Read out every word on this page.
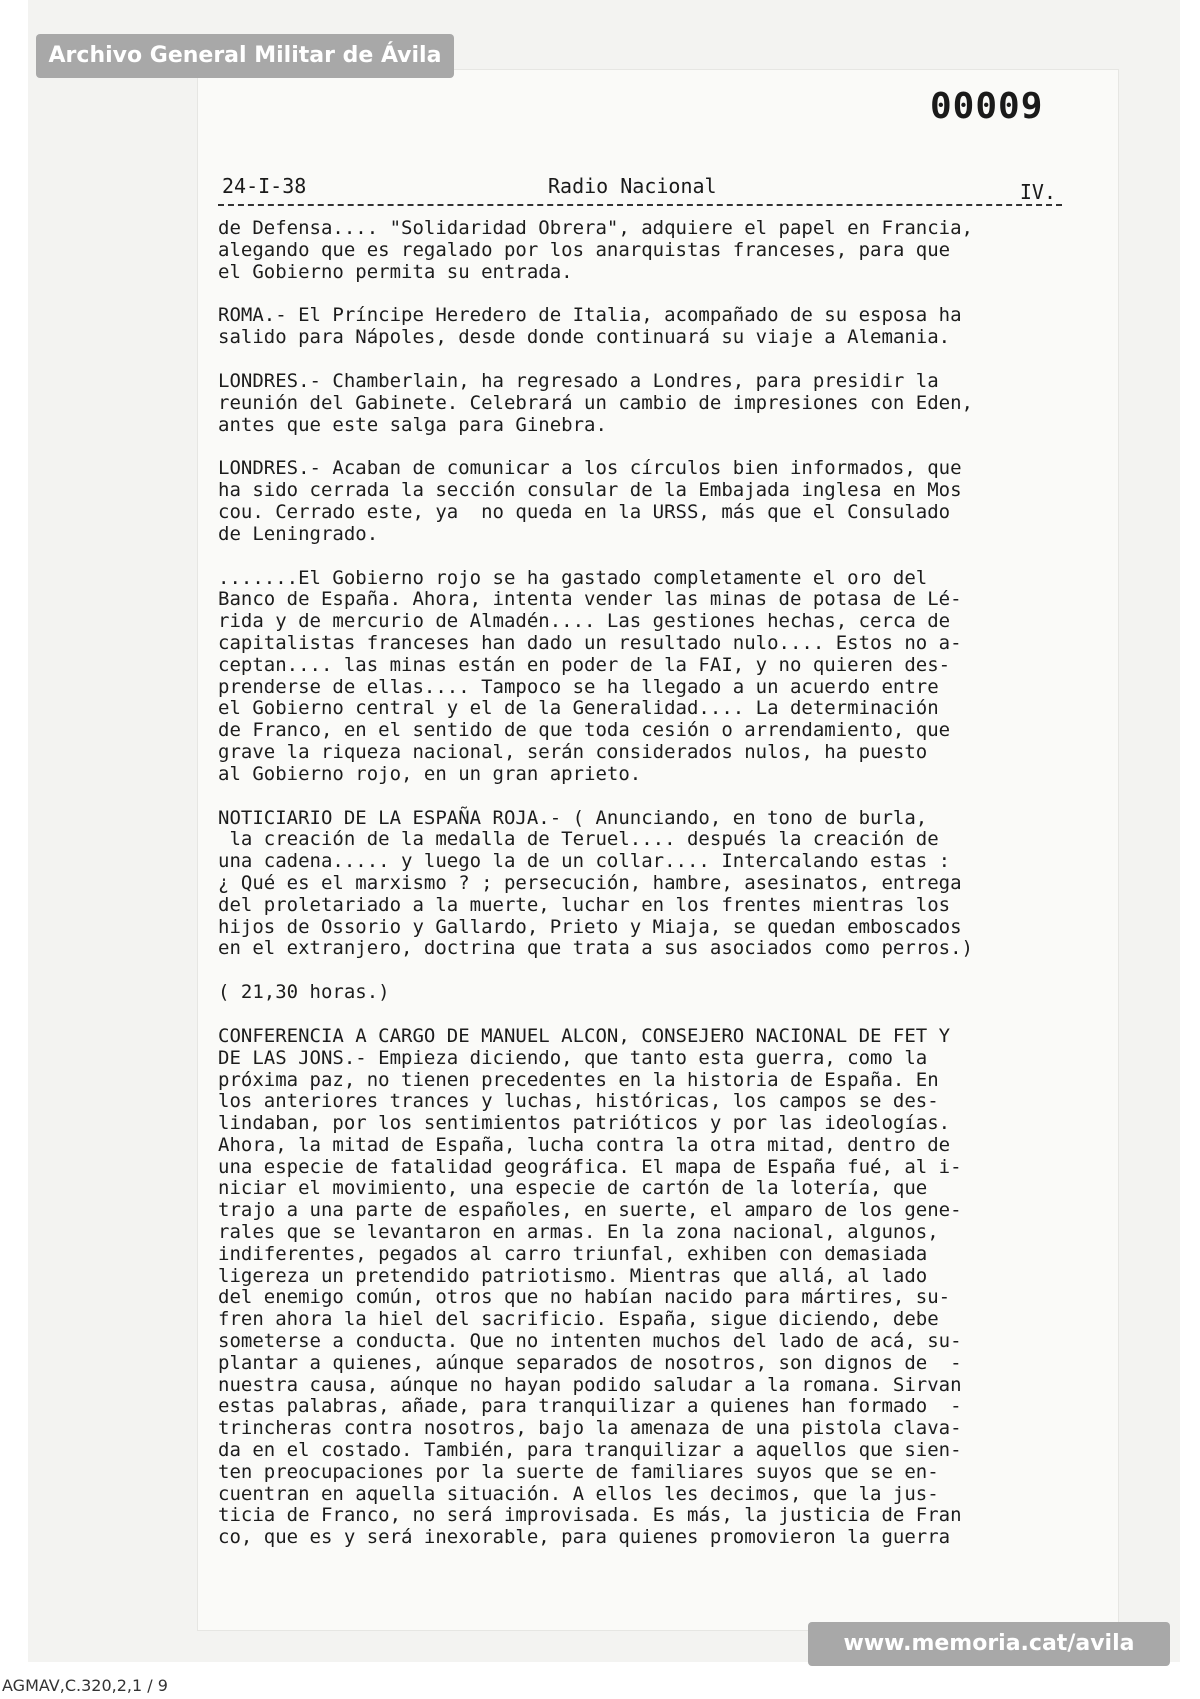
Archivo General Militar de Ávila
00009
24-I-38	Radio Nacional	IV.
de Defensa.... "Solidaridad Obrera", adquiere el papel en Francia,
alegando que es regalado por los anarquistas franceses, para que
el Gobierno permita su entrada.
ROMA.- El Príncipe Heredero de Italia, acompañado de su esposa ha
salido para Nápoles, desde donde continuará su viaje a Alemania.
LONDRES.- Chamberlain, ha regresado a Londres, para presidir la
reunión del Gabinete. Celebrará un cambio de impresiones con Eden,
antes que este salga para Ginebra.
LONDRES.- Acaban de comunicar a los círculos bien informados, que
ha sido cerrada la sección consular de la Embajada inglesa en Mos
cou. Cerrado este, ya  no queda en la URSS, más que el Consulado
de Leningrado.
.......El Gobierno rojo se ha gastado completamente el oro del
Banco de España. Ahora, intenta vender las minas de potasa de Lé-
rida y de mercurio de Almadén.... Las gestiones hechas, cerca de
capitalistas franceses han dado un resultado nulo.... Estos no a-
ceptan.... las minas están en poder de la FAI, y no quieren des-
prenderse de ellas.... Tampoco se ha llegado a un acuerdo entre
el Gobierno central y el de la Generalidad.... La determinación
de Franco, en el sentido de que toda cesión o arrendamiento, que
grave la riqueza nacional, serán considerados nulos, ha puesto
al Gobierno rojo, en un gran aprieto.
NOTICIARIO DE LA ESPAÑA ROJA.- ( Anunciando, en tono de burla,
la creación de la medalla de Teruel.... después la creación de
una cadena..... y luego la de un collar.... Intercalando estas :
¿ Qué es el marxismo ? ; persecución, hambre, asesinatos, entrega
del proletariado a la muerte, luchar en los frentes mientras los
hijos de Ossorio y Gallardo, Prieto y Miaja, se quedan emboscados
en el extranjero, doctrina que trata a sus asociados como perros.)
( 21,30 horas.)
CONFERENCIA A CARGO DE MANUEL ALCON, CONSEJERO NACIONAL DE FET Y
DE LAS JONS.- Empieza diciendo, que tanto esta guerra, como la
próxima paz, no tienen precedentes en la historia de España. En
los anteriores trances y luchas, históricas, los campos se des-
lindaban, por los sentimientos patrióticos y por las ideologías.
Ahora, la mitad de España, lucha contra la otra mitad, dentro de
una especie de fatalidad geográfica. El mapa de España fué, al i-
niciar el movimiento, una especie de cartón de la lotería, que
trajo a una parte de españoles, en suerte, el amparo de los gene-
rales que se levantaron en armas. En la zona nacional, algunos,
indiferentes, pegados al carro triunfal, exhiben con demasiada
ligereza un pretendido patriotismo. Mientras que allá, al lado
del enemigo común, otros que no habían nacido para mártires, su-
fren ahora la hiel del sacrificio. España, sigue diciendo, debe
someterse a conducta. Que no intenten muchos del lado de acá, su-
plantar a quienes, aúnque separados de nosotros, son dignos de  -
nuestra causa, aúnque no hayan podido saludar a la romana. Sirvan
estas palabras, añade, para tranquilizar a quienes han formado  -
trincheras contra nosotros, bajo la amenaza de una pistola clava-
da en el costado. También, para tranquilizar a aquellos que sien-
ten preocupaciones por la suerte de familiares suyos que se en-
cuentran en aquella situación. A ellos les decimos, que la jus-
ticia de Franco, no será improvisada. Es más, la justicia de Fran
co, que es y será inexorable, para quienes promovieron la guerra
www.memoria.cat/avila
AGMAV,C.320,2,1 / 9
